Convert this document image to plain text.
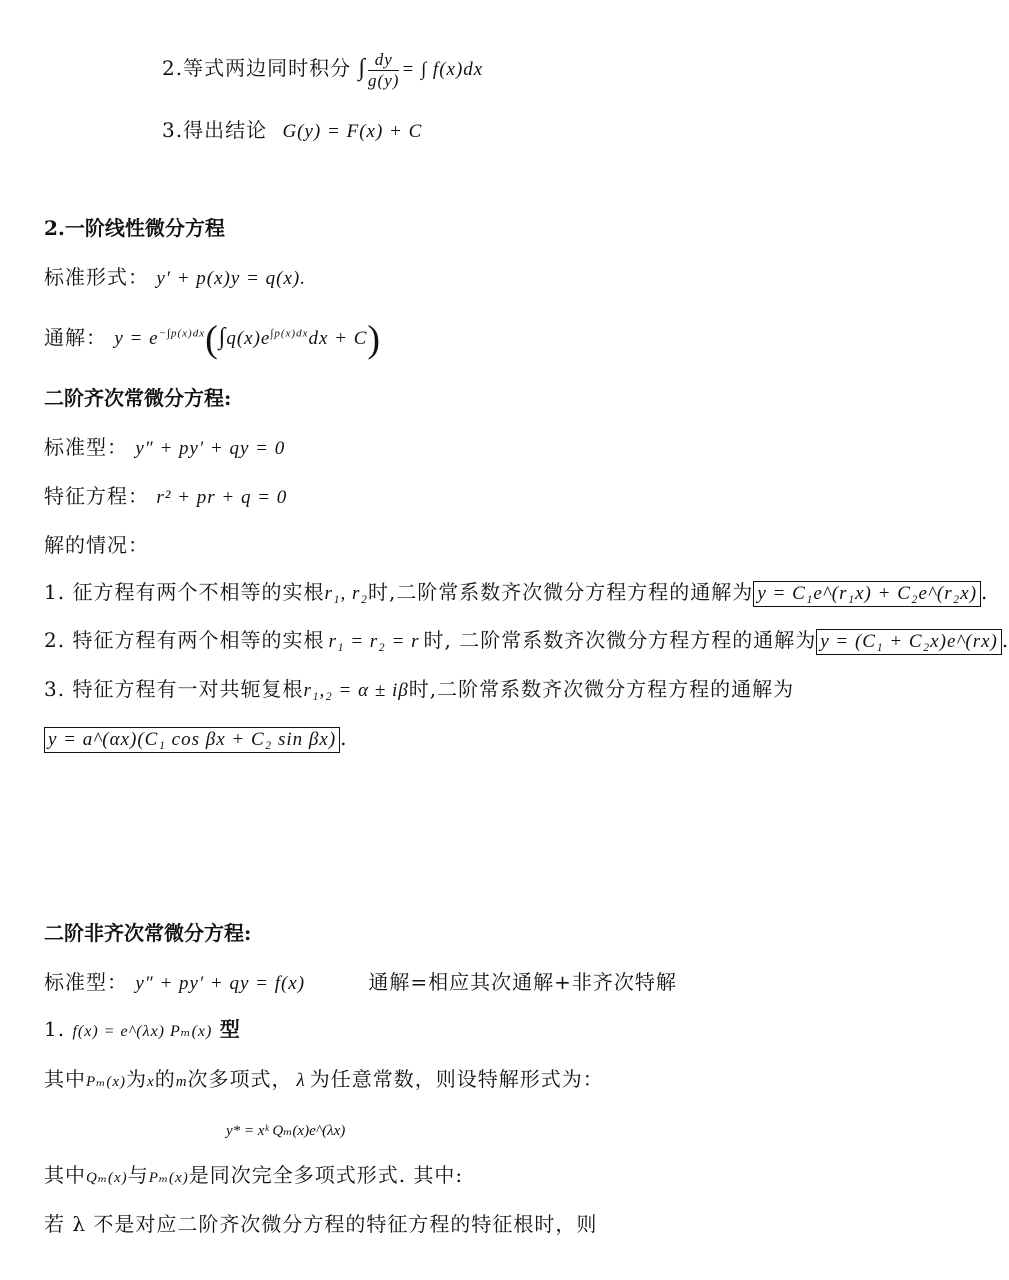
2.等式两边同时积分 ∫ $\frac{dy}{g(y)}$ = ∫ f(x)dx
3.得出结论 G(y) = F(x) + C
2.一阶线性微分方程
标准形式： y′ + p(x)y = q(x).
通解： $y = e^{-\int p(x)dx}(\int q(x)e^{\int p(x)dx}dx + C)$
二阶齐次常微分方程:
标准型： y″ + py′ + qy = 0
特征方程： r² + pr + q = 0
解的情况：
1. 征方程有两个不相等的实根r₁, r₂时,二阶常系数齐次微分方程方程的通解为 y = C₁e^(r₁x) + C₂e^(r₂x) .
2. 特征方程有两个相等的实根 r₁ = r₂ = r 时, 二阶常系数齐次微分方程方程的通解为 y = (C₁ + C₂x)e^(rx) .
3. 特征方程有一对共轭复根r₁,₂ = α ± iβ时,二阶常系数齐次微分方程方程的通解为
y = a^(αx)(C₁ cos βx + C₂ sin βx) .
二阶非齐次常微分方程:
标准型： y″ + py′ + qy = f(x)	通解=相应其次通解+非齐次特解
1. f(x) = e^(λx) Pₘ(x) 型
其中Pₘ(x)为x的m次多项式， λ 为任意常数，则设特解形式为：
y* = xᵏ Qₘ(x)e^(λx)
其中Qₘ(x)与Pₘ(x)是同次完全多项式形式. 其中:
若 λ 不是对应二阶齐次微分方程的特征方程的特征根时，则
